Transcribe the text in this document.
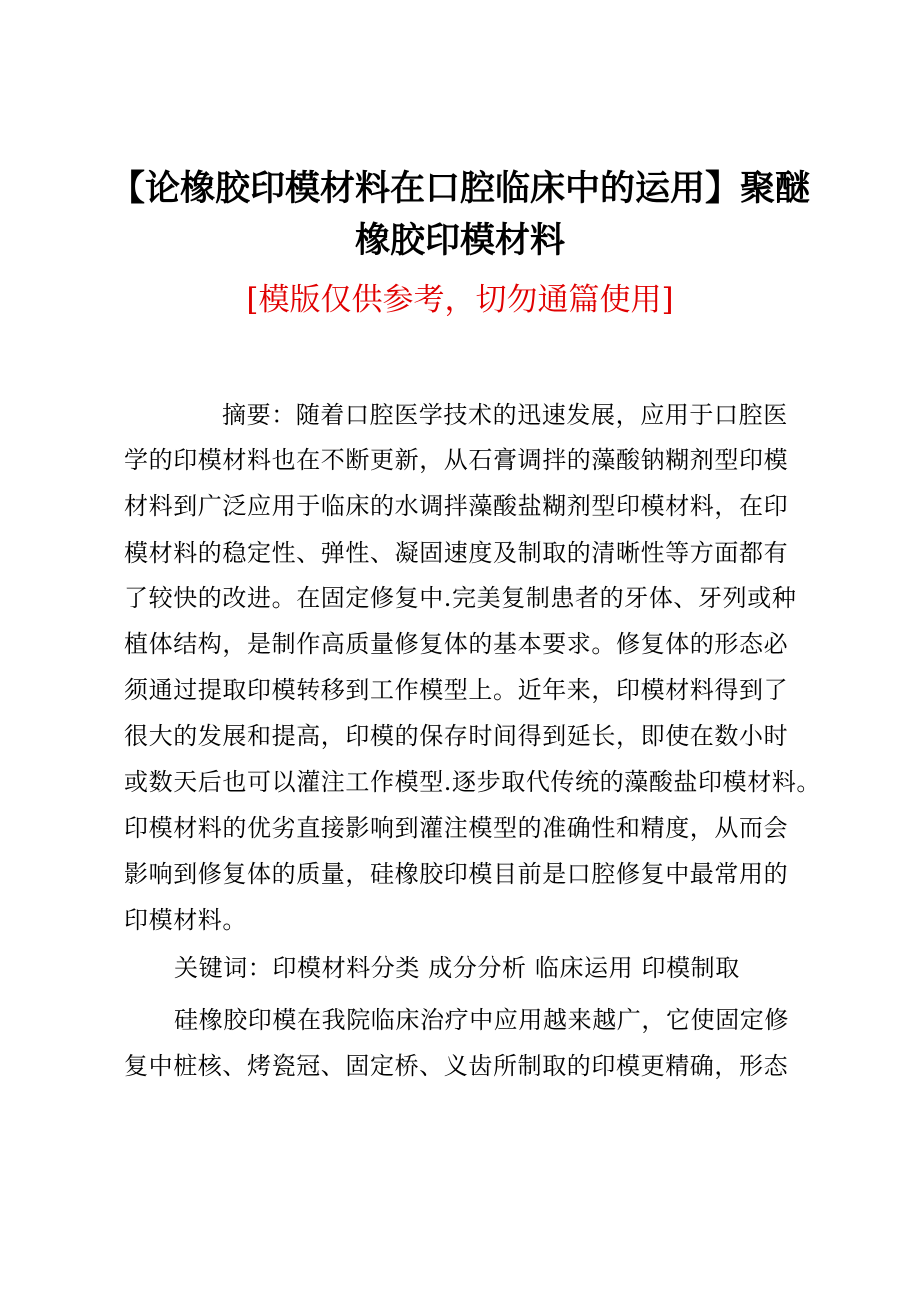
【论橡胶印模材料在口腔临床中的运用】聚醚
橡胶印模材料
[模版仅供参考，切勿通篇使用]
摘要：随着口腔医学技术的迅速发展，应用于口腔医
学的印模材料也在不断更新，从石膏调拌的藻酸钠糊剂型印模
材料到广泛应用于临床的水调拌藻酸盐糊剂型印模材料，在印
模材料的稳定性、弹性、凝固速度及制取的清晰性等方面都有
了较快的改进。在固定修复中.完美复制患者的牙体、牙列或种
植体结构，是制作高质量修复体的基本要求。修复体的形态必
须通过提取印模转移到工作模型上。近年来，印模材料得到了
很大的发展和提高，印模的保存时间得到延长，即使在数小时
或数天后也可以灌注工作模型.逐步取代传统的藻酸盐印模材料。
印模材料的优劣直接影响到灌注模型的准确性和精度，从而会
影响到修复体的质量，硅橡胶印模目前是口腔修复中最常用的
印模材料。
关键词：印模材料分类 成分分析 临床运用 印模制取
硅橡胶印模在我院临床治疗中应用越来越广，它使固定修
复中桩核、烤瓷冠、固定桥、义齿所制取的印模更精确，形态
